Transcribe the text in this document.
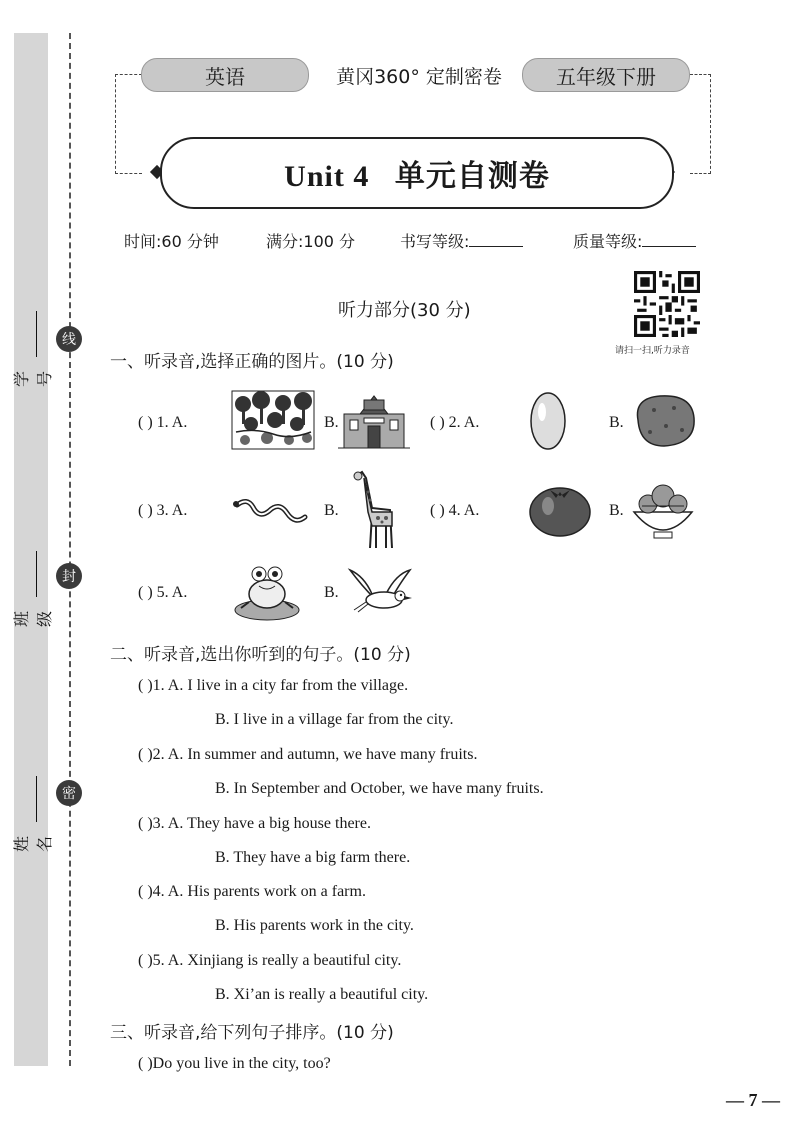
学号
班级
姓名
线
封
密
英语	黄冈360° 定制密卷	五年级下册
Unit 4   单元自测卷
时间:60 分钟	满分:100 分	书写等级:	质量等级:
听力部分(30 分)
请扫一扫,听力录音
一、听录音,选择正确的图片。(10 分)
( ) 1. A.	B.	( ) 2. A.	B.
( ) 3. A.	B.	( ) 4. A.	B.
( ) 5. A.	B.
二、听录音,选出你听到的句子。(10 分)
( )1. A. I live in a city far from the village.
B. I live in a village far from the city.
( )2. A. In summer and autumn, we have many fruits.
B. In September and October, we have many fruits.
( )3. A. They have a big house there.
B. They have a big farm there.
( )4. A. His parents work on a farm.
B. His parents work in the city.
( )5. A. Xinjiang is really a beautiful city.
B. Xi’an is really a beautiful city.
三、听录音,给下列句子排序。(10 分)
( )Do you live in the city, too?
— 7 —
